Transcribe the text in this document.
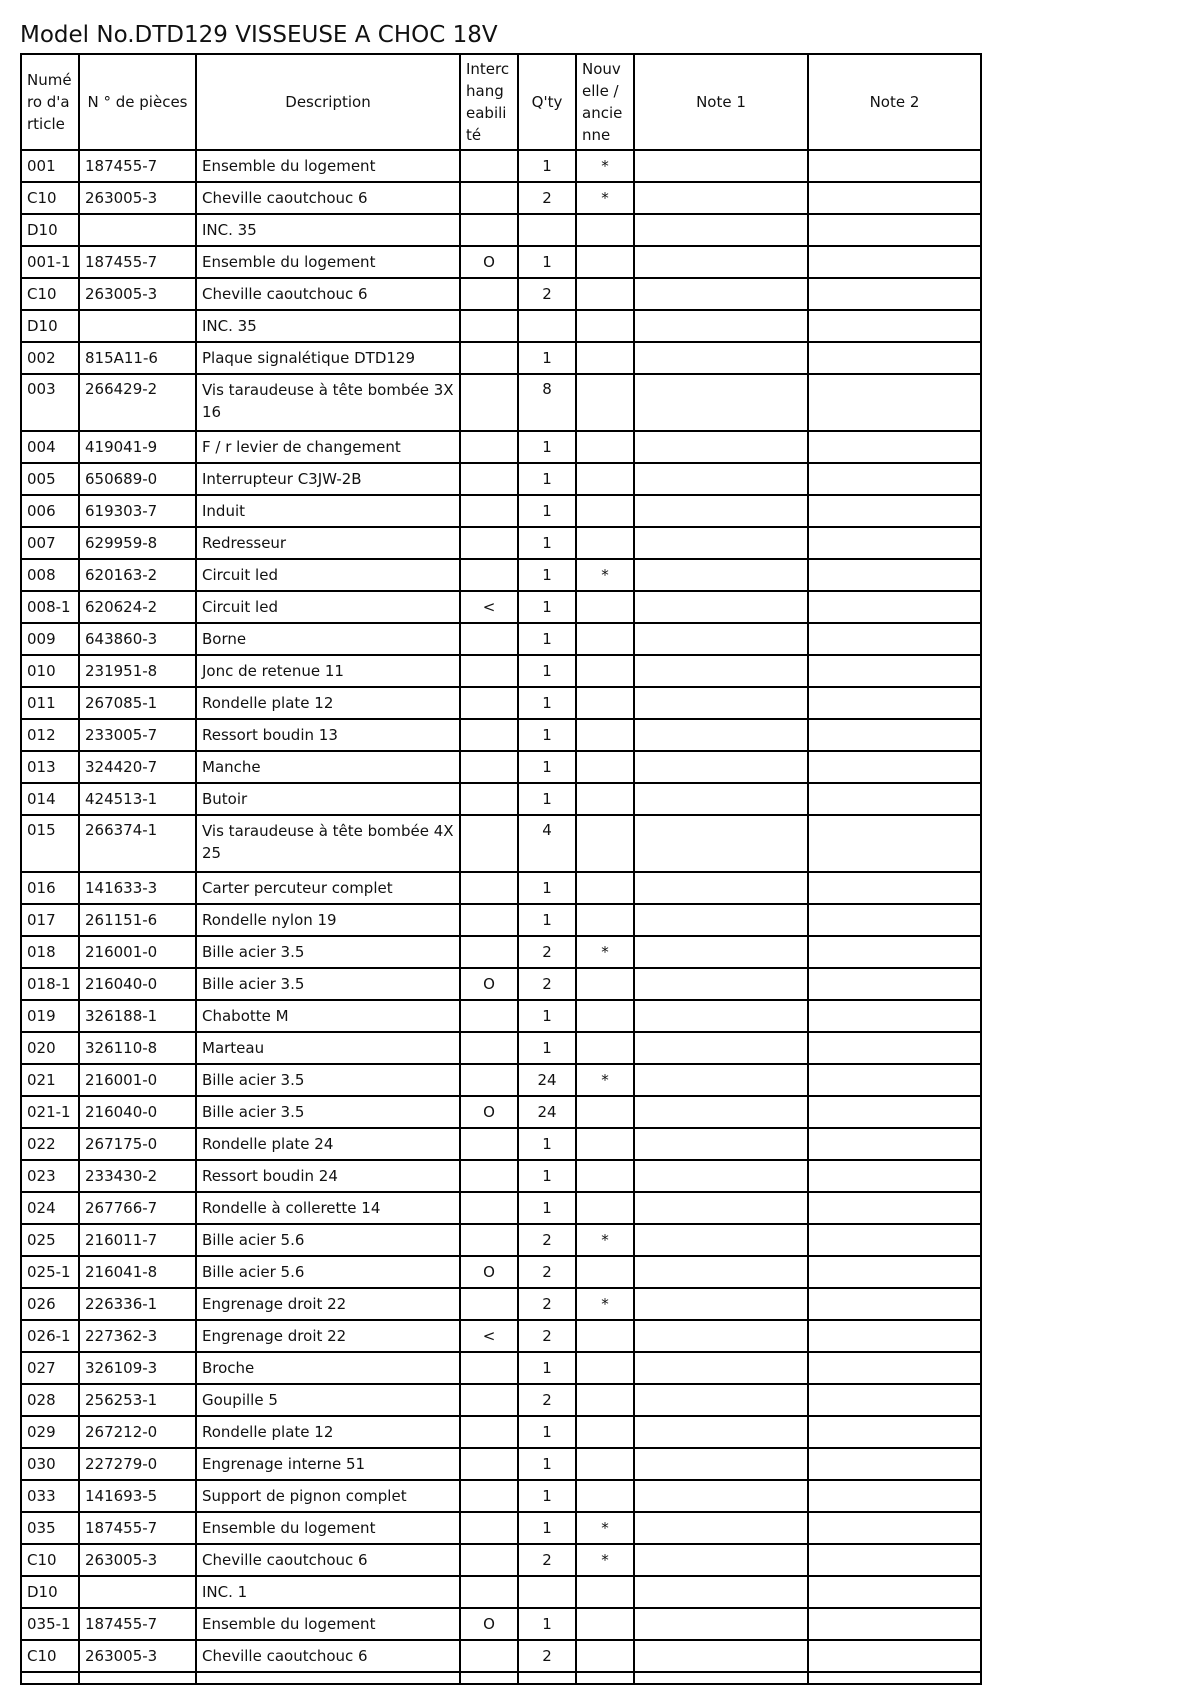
Model No.DTD129 VISSEUSE A CHOC 18V
Numéro d'article	N ° de pièces	Description	Interchangeabilité	Q'ty	Nouvelle / ancienne	Note 1	Note 2
001	187455-7	Ensemble du logement		1	*		
C10	263005-3	Cheville caoutchouc 6		2	*		
D10		INC. 35					
001-1	187455-7	Ensemble du logement	O	1			
C10	263005-3	Cheville caoutchouc 6		2			
D10		INC. 35					
002	815A11-6	Plaque signalétique DTD129		1			
003	266429-2	Vis taraudeuse à tête bombée 3X 16		8			
004	419041-9	F / r levier de changement		1			
005	650689-0	Interrupteur C3JW-2B		1			
006	619303-7	Induit		1			
007	629959-8	Redresseur		1			
008	620163-2	Circuit led		1	*		
008-1	620624-2	Circuit led	<	1			
009	643860-3	Borne		1			
010	231951-8	Jonc de retenue 11		1			
011	267085-1	Rondelle plate 12		1			
012	233005-7	Ressort boudin 13		1			
013	324420-7	Manche		1			
014	424513-1	Butoir		1			
015	266374-1	Vis taraudeuse à tête bombée 4X 25		4			
016	141633-3	Carter percuteur complet		1			
017	261151-6	Rondelle nylon 19		1			
018	216001-0	Bille acier 3.5		2	*		
018-1	216040-0	Bille acier 3.5	O	2			
019	326188-1	Chabotte M		1			
020	326110-8	Marteau		1			
021	216001-0	Bille acier 3.5		24	*		
021-1	216040-0	Bille acier 3.5	O	24			
022	267175-0	Rondelle plate 24		1			
023	233430-2	Ressort boudin 24		1			
024	267766-7	Rondelle à collerette 14		1			
025	216011-7	Bille acier 5.6		2	*		
025-1	216041-8	Bille acier 5.6	O	2			
026	226336-1	Engrenage droit 22		2	*		
026-1	227362-3	Engrenage droit 22	<	2			
027	326109-3	Broche		1			
028	256253-1	Goupille 5		2			
029	267212-0	Rondelle plate 12		1			
030	227279-0	Engrenage interne 51		1			
033	141693-5	Support de pignon complet		1			
035	187455-7	Ensemble du logement		1	*		
C10	263005-3	Cheville caoutchouc 6		2	*		
D10		INC. 1					
035-1	187455-7	Ensemble du logement	O	1			
C10	263005-3	Cheville caoutchouc 6		2			
